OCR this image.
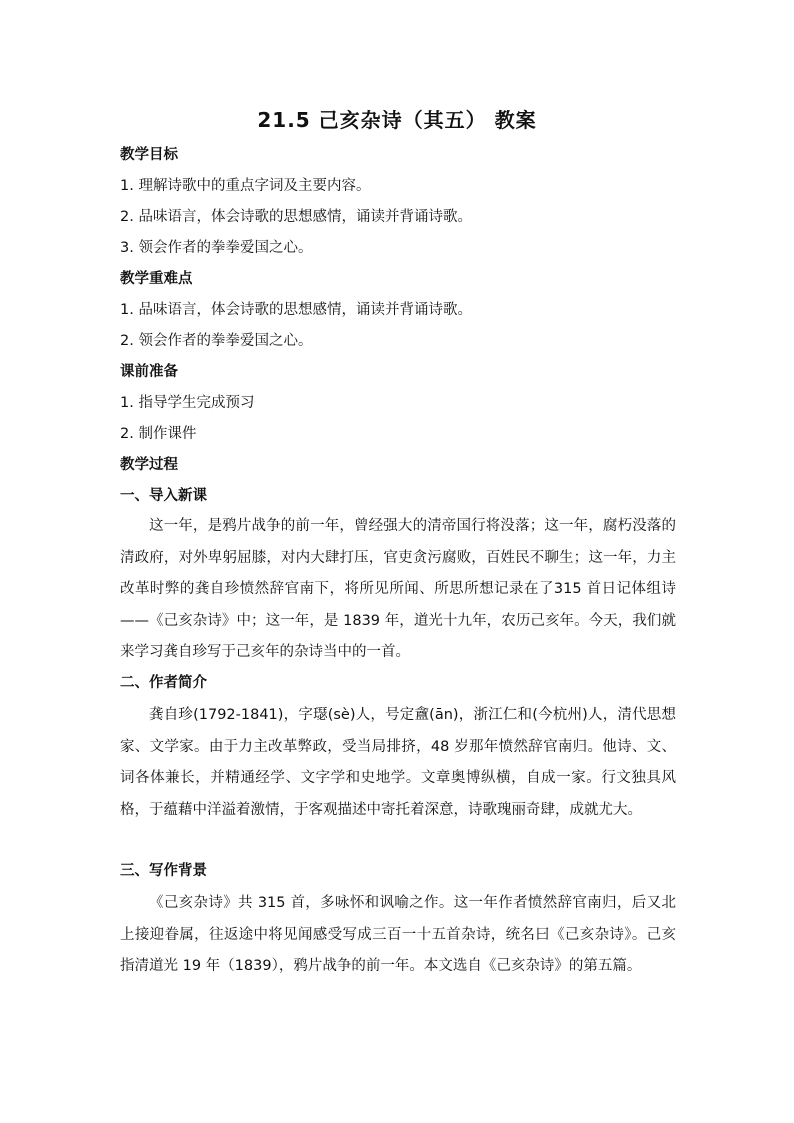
21.5 己亥杂诗（其五） 教案
教学目标
1. 理解诗歌中的重点字词及主要内容。
2. 品味语言，体会诗歌的思想感情，诵读并背诵诗歌。
3. 领会作者的拳拳爱国之心。
教学重难点
1. 品味语言，体会诗歌的思想感情，诵读并背诵诗歌。
2. 领会作者的拳拳爱国之心。
课前准备
1. 指导学生完成预习
2. 制作课件
教学过程
一、导入新课

这一年，是鸦片战争的前一年，曾经强大的清帝国行将没落；这一年，腐朽没落的清政府，对外卑躬屈膝，对内大肆打压，官吏贪污腐败，百姓民不聊生；这一年，力主改革时弊的龚自珍愤然辞官南下，将所见所闻、所思所想记录在了315 首日记体组诗——《己亥杂诗》中；这一年，是 1839 年，道光十九年，农历己亥年。今天，我们就来学习龚自珍写于己亥年的杂诗当中的一首。

二、作者简介

龚自珍(1792-1841)，字璱(sè)人，号定盦(ān)，浙江仁和(今杭州)人，清代思想家、文学家。由于力主改革弊政，受当局排挤，48 岁那年愤然辞官南归。他诗、文、词各体兼长，并精通经学、文字学和史地学。文章奥博纵横，自成一家。行文独具风格，于蕴藉中洋溢着激情，于客观描述中寄托着深意，诗歌瑰丽奇肆，成就尤大。

三、写作背景

《己亥杂诗》共 315 首，多咏怀和讽喻之作。这一年作者愤然辞官南归，后又北上接迎眷属，往返途中将见闻感受写成三百一十五首杂诗，统名曰《己亥杂诗》。己亥指清道光 19 年（1839），鸦片战争的前一年。本文选自《己亥杂诗》的第五篇。
